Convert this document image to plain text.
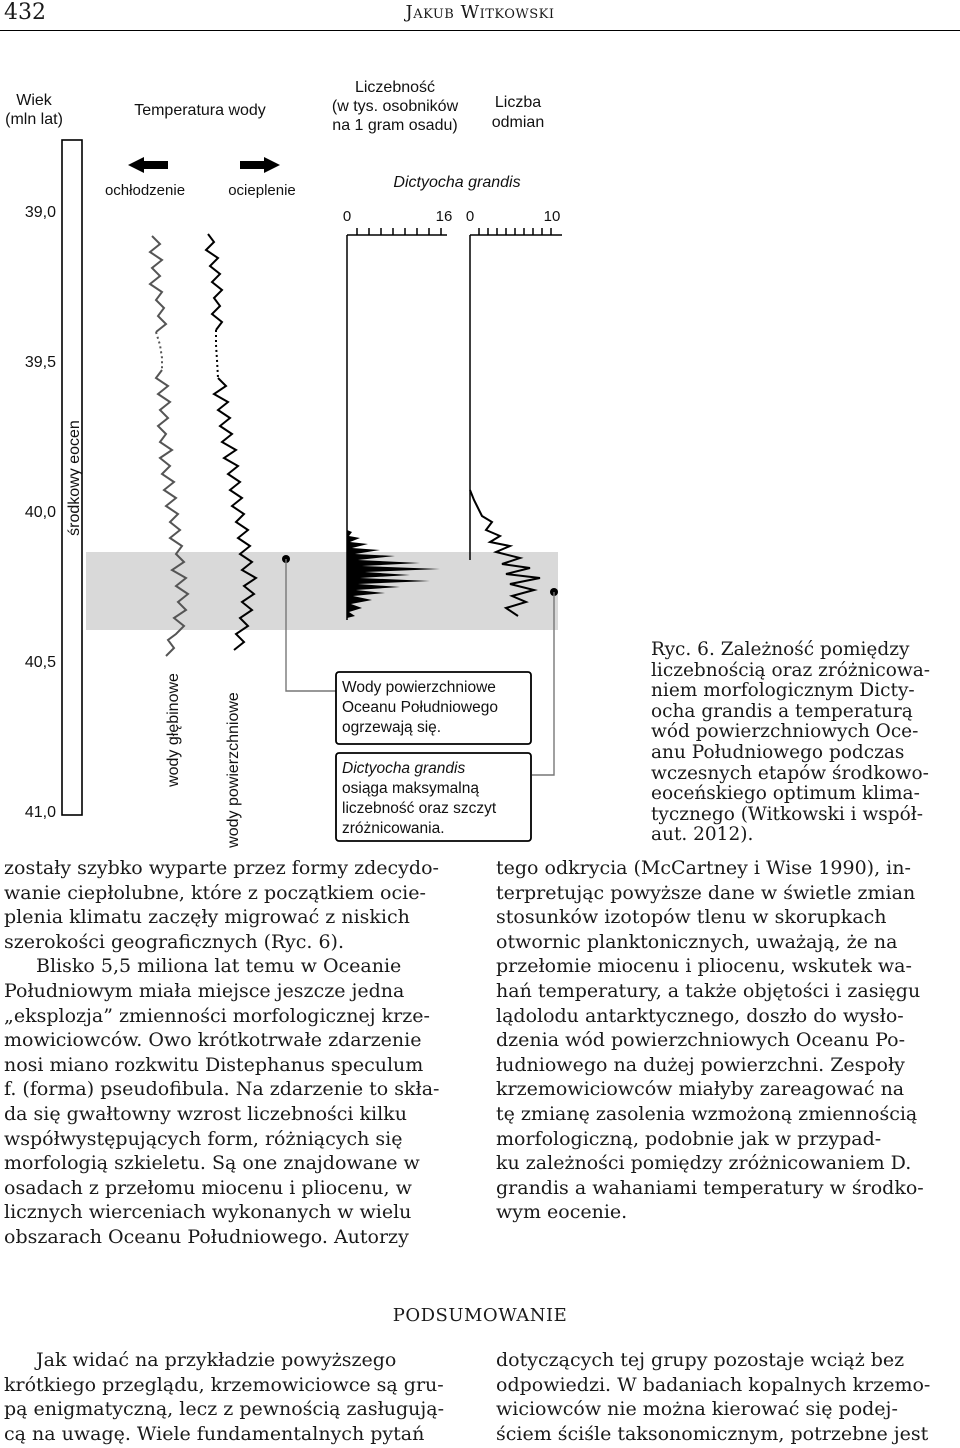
432	Jakub Witkowski
Wiek
(mln lat)
Temperatura wody
Liczebność
(w tys. osobników
na 1 gram osadu)
Liczba
odmian
ochłodzenie	ocieplenie	Dictyocha grandis
0	16 0	10
39,0
39,5
40,0
40,5
41,0
środkowy eocen
wody głębinowe	wody powierzchniowe
Wody powierzchniowe
Oceanu Południowego
ogrzewają się.
Dictyocha grandis
osiąga maksymalną
liczebność oraz szczyt
zróżnicowania.
Ryc. 6. Zależność pomiędzy
liczebnością oraz zróżnicowa-
niem morfologicznym Dicty-
ocha grandis a temperaturą
wód powierzchniowych Oce-
anu Południowego podczas
wczesnych etapów środkowo-
eoceńskiego optimum klima-
tycznego (Witkowski i współ-
aut. 2012).
zostały szybko wyparte przez formy zdecydo-
wanie ciepłolubne, które z początkiem ocie-
plenia klimatu zaczęły migrować z niskich
szerokości geograficznych (Ryc. 6).
Blisko 5,5 miliona lat temu w Oceanie
Południowym miała miejsce jeszcze jedna
„eksplozja” zmienności morfologicznej krze-
mowiciowców. Owo krótkotrwałe zdarzenie
nosi miano rozkwitu Distephanus speculum
f. (forma) pseudofibula. Na zdarzenie to skła-
da się gwałtowny wzrost liczebności kilku
współwystępujących form, różniących się
morfologią szkieletu. Są one znajdowane w
osadach z przełomu miocenu i pliocenu, w
licznych wierceniach wykonanych w wielu
obszarach Oceanu Południowego. Autorzy
tego odkrycia (McCartney i Wise 1990), in-
terpretując powyższe dane w świetle zmian
stosunków izotopów tlenu w skorupkach
otwornic planktonicznych, uważają, że na
przełomie miocenu i pliocenu, wskutek wa-
hań temperatury, a także objętości i zasięgu
lądolodu antarktycznego, doszło do wysło-
dzenia wód powierzchniowych Oceanu Po-
łudniowego na dużej powierzchni. Zespoły
krzemowiciowców miałyby zareagować na
tę zmianę zasolenia wzmożoną zmiennością
morfologiczną, podobnie jak w przypad-
ku zależności pomiędzy zróżnicowaniem D.
grandis a wahaniami temperatury w środko-
wym eocenie.
PODSUMOWANIE
Jak widać na przykładzie powyższego
krótkiego przeglądu, krzemowiciowce są gru-
pą enigmatyczną, lecz z pewnością zasługują-
cą na uwagę. Wiele fundamentalnych pytań
dotyczących tej grupy pozostaje wciąż bez
odpowiedzi. W badaniach kopalnych krzemo-
wiciowców nie można kierować się podej-
ściem ściśle taksonomicznym, potrzebne jest
